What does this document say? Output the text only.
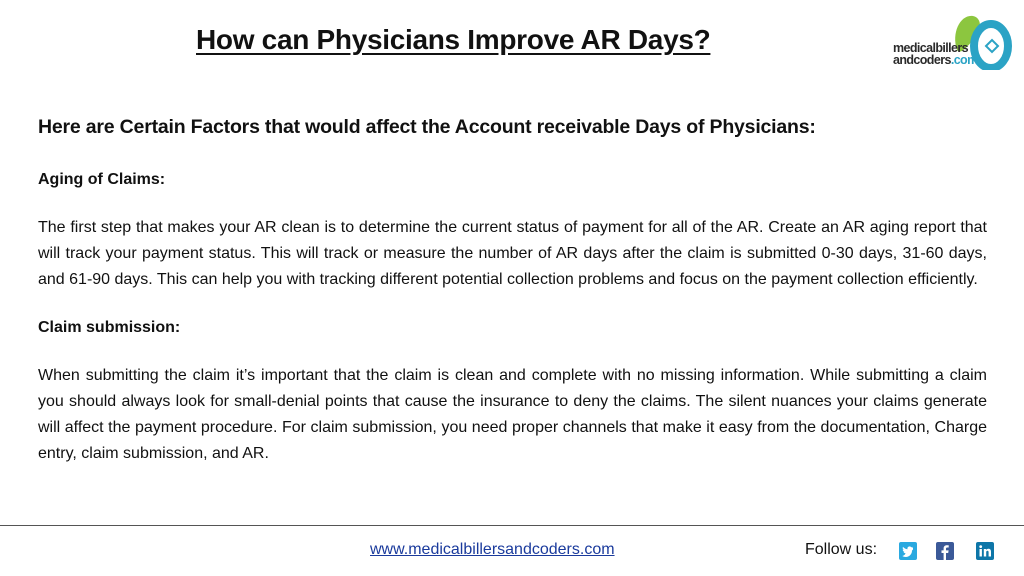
How can Physicians Improve AR Days?	medicalbillers
andcoders.com

Here are Certain Factors that would affect the Account receivable Days of Physicians:

Aging of Claims:

The first step that makes your AR clean is to determine the current status of payment for all of the AR. Create an AR aging report that will track your payment status. This will track or measure the number of AR days after the claim is submitted 0-30 days, 31-60 days, and 61-90 days. This can help you with tracking different potential collection problems and focus on the payment collection efficiently.

Claim submission:

When submitting the claim it’s important that the claim is clean and complete with no missing information. While submitting a claim you should always look for small-denial points that cause the insurance to deny the claims. The silent nuances your claims generate will affect the payment procedure. For claim submission, you need proper channels that make it easy from the documentation, Charge entry, claim submission, and AR.

www.medicalbillersandcoders.com	Follow us:
